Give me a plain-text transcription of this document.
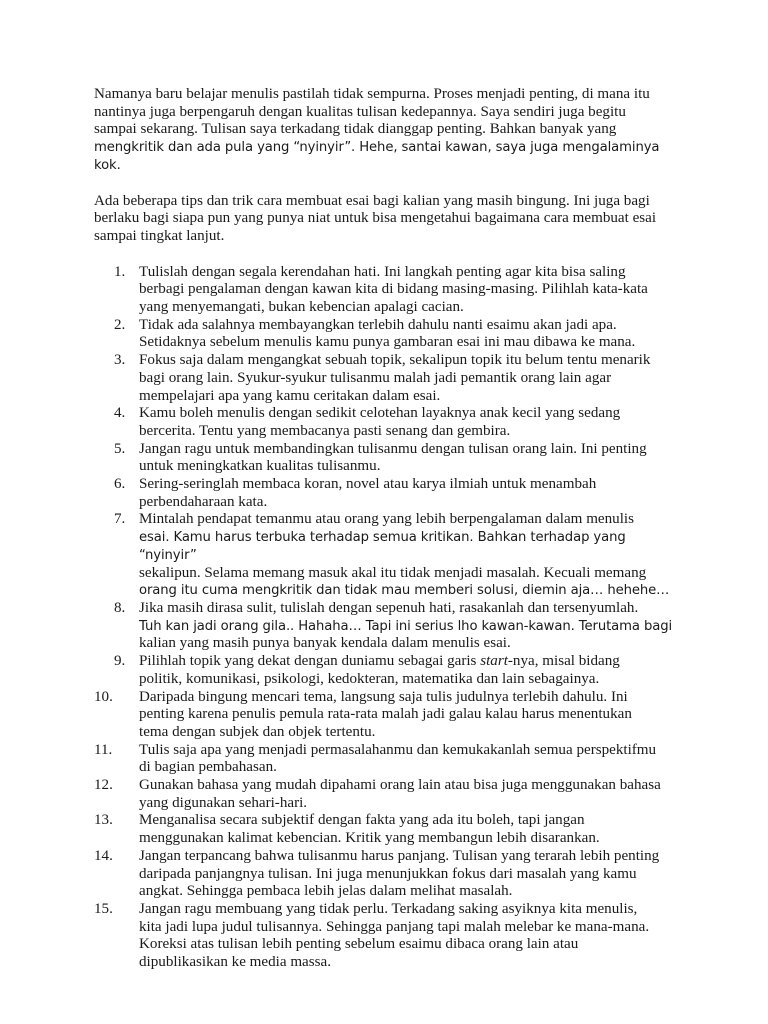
Namanya baru belajar menulis pastilah tidak sempurna. Proses menjadi penting, di mana itu

nantinya juga berpengaruh dengan kualitas tulisan kedepannya. Saya sendiri juga begitu

sampai sekarang. Tulisan saya terkadang tidak dianggap penting. Bahkan banyak yang

mengkritik dan ada pula yang “nyinyir”. Hehe, santai kawan, saya juga mengalaminya kok.

Ada beberapa tips dan trik cara membuat esai bagi kalian yang masih bingung. Ini juga bagi

berlaku bagi siapa pun yang punya niat untuk bisa mengetahui bagaimana cara membuat esai

sampai tingkat lanjut.

1. Tulislah dengan segala kerendahan hati. Ini langkah penting agar kita bisa saling
berbagi pengalaman dengan kawan kita di bidang masing-masing. Pilihlah kata-kata
yang menyemangati, bukan kebencian apalagi cacian.
2. Tidak ada salahnya membayangkan terlebih dahulu nanti esaimu akan jadi apa.
Setidaknya sebelum menulis kamu punya gambaran esai ini mau dibawa ke mana.
3. Fokus saja dalam mengangkat sebuah topik, sekalipun topik itu belum tentu menarik
bagi orang lain. Syukur-syukur tulisanmu malah jadi pemantik orang lain agar
mempelajari apa yang kamu ceritakan dalam esai.
4. Kamu boleh menulis dengan sedikit celotehan layaknya anak kecil yang sedang
bercerita. Tentu yang membacanya pasti senang dan gembira.
5. Jangan ragu untuk membandingkan tulisanmu dengan tulisan orang lain. Ini penting
untuk meningkatkan kualitas tulisanmu.
6. Sering-seringlah membaca koran, novel atau karya ilmiah untuk menambah
perbendaharaan kata.
7. Mintalah pendapat temanmu atau orang yang lebih berpengalaman dalam menulis
esai. Kamu harus terbuka terhadap semua kritikan. Bahkan terhadap yang “nyinyir”
sekalipun. Selama memang masuk akal itu tidak menjadi masalah. Kecuali memang
orang itu cuma mengkritik dan tidak mau memberi solusi, diemin aja… hehehe…
8. Jika masih dirasa sulit, tulislah dengan sepenuh hati, rasakanlah dan tersenyumlah.
Tuh kan jadi orang gila.. Hahaha… Tapi ini serius lho kawan-kawan. Terutama bagi
kalian yang masih punya banyak kendala dalam menulis esai.
9. Pilihlah topik yang dekat dengan duniamu sebagai garis start-nya, misal bidang
politik, komunikasi, psikologi, kedokteran, matematika dan lain sebagainya.
10. Daripada bingung mencari tema, langsung saja tulis judulnya terlebih dahulu. Ini
penting karena penulis pemula rata-rata malah jadi galau kalau harus menentukan
tema dengan subjek dan objek tertentu.
11. Tulis saja apa yang menjadi permasalahanmu dan kemukakanlah semua perspektifmu
di bagian pembahasan.
12. Gunakan bahasa yang mudah dipahami orang lain atau bisa juga menggunakan bahasa
yang digunakan sehari-hari.
13. Menganalisa secara subjektif dengan fakta yang ada itu boleh, tapi jangan
menggunakan kalimat kebencian. Kritik yang membangun lebih disarankan.
14. Jangan terpancang bahwa tulisanmu harus panjang. Tulisan yang terarah lebih penting
daripada panjangnya tulisan. Ini juga menunjukkan fokus dari masalah yang kamu
angkat. Sehingga pembaca lebih jelas dalam melihat masalah.
15. Jangan ragu membuang yang tidak perlu. Terkadang saking asyiknya kita menulis,
kita jadi lupa judul tulisannya. Sehingga panjang tapi malah melebar ke mana-mana.
Koreksi atas tulisan lebih penting sebelum esaimu dibaca orang lain atau
dipublikasikan ke media massa.
